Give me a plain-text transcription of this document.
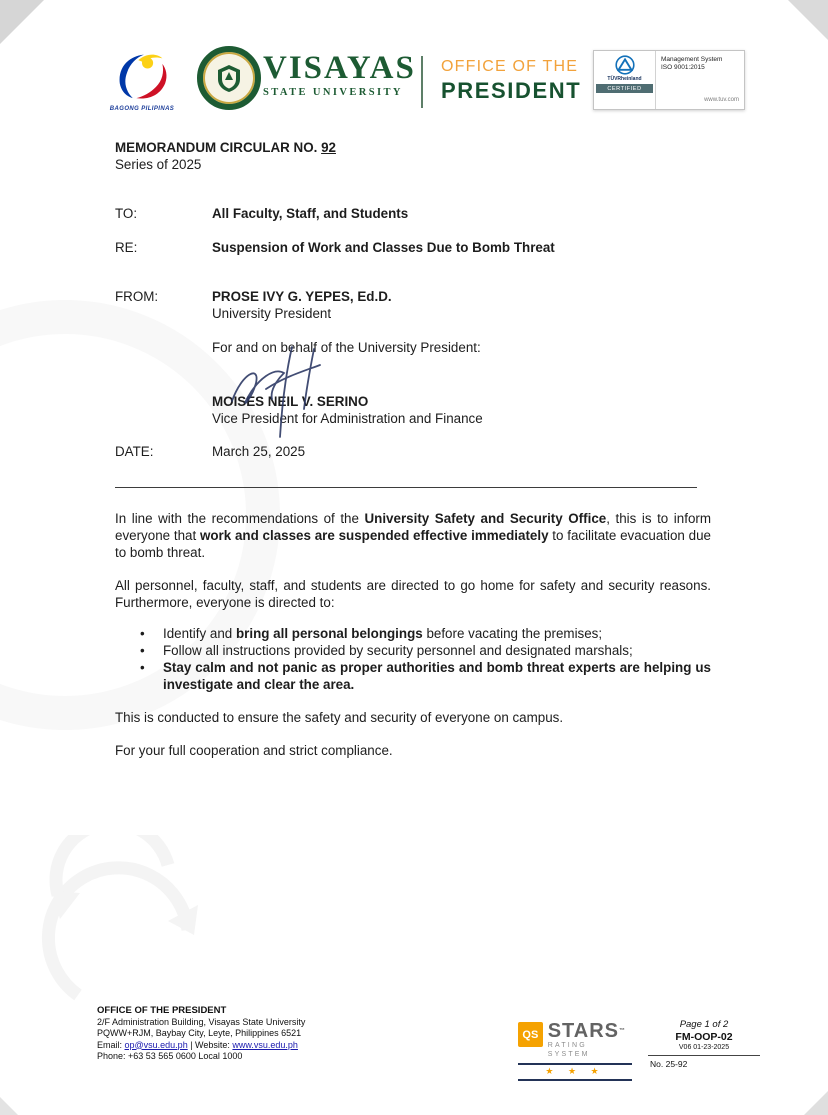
BAGONG PILIPINAS
VISAYAS
STATE UNIVERSITY
OFFICE OF THE
PRESIDENT	TÜVRheinland
CERTIFIED
Management System
ISO 9001:2015
www.tuv.com
MEMORANDUM CIRCULAR NO. 92
Series of 2025
TO:	All Faculty, Staff, and Students
RE:	Suspension of Work and Classes Due to Bomb Threat
FROM:	PROSE IVY G. YEPES, Ed.D.
University President
For and on behalf of the University President:
MOISES NEIL V. SERINO
Vice President for Administration and Finance
DATE:	March 25, 2025
In line with the recommendations of the University Safety and Security Office, this is to inform everyone that work and classes are suspended effective immediately to facilitate evacuation due to bomb threat.
All personnel, faculty, staff, and students are directed to go home for safety and security reasons. Furthermore, everyone is directed to:
•	Identify and bring all personal belongings before vacating the premises;
•	Follow all instructions provided by security personnel and designated marshals;
•	Stay calm and not panic as proper authorities and bomb threat experts are helping us investigate and clear the area.
This is conducted to ensure the safety and security of everyone on campus.
For your full cooperation and strict compliance.
OFFICE OF THE PRESIDENT
2/F Administration Building, Visayas State University
PQWW+RJM, Baybay City, Leyte, Philippines 6521
Email: op@vsu.edu.ph | Website: www.vsu.edu.ph
Phone: +63 53 565 0600 Local 1000
QS STARS™
RATING SYSTEM
★ ★ ★
Page 1 of 2
FM-OOP-02
V06 01-23-2025
No. 25-92
